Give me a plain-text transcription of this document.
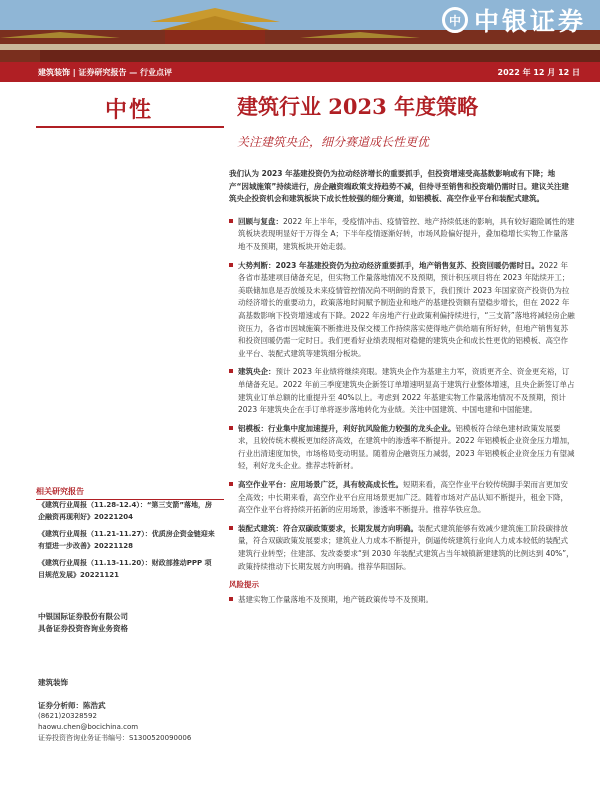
中 中银证券
建筑装饰 | 证券研究报告 — 行业点评	2022 年 12 月 12 日
中性	建筑行业 2023 年度策略
关注建筑央企，细分赛道成长性更优
我们认为 2023 年基建投资仍为拉动经济增长的重要抓手，但投资增速受高基数影响或有下降；地产“因城施策”持续进行，房企融资端政策支持趋势不减，但待寻至销售和投资端仍需时日。建议关注建筑央企投资机会和建筑板块下成长性较强的细分赛道，如铝模板、高空作业平台和装配式建筑。
回顾与复盘：2022 年上半年，受疫情冲击、疫情管控、地产持续低迷的影响，具有较好避险属性的建筑板块表现明显好于万得全 A；下半年疫情逐渐好转，市场风险偏好提升，叠加稳增长实物工作量落地不及预期，建筑板块开始走弱。
大势判断：2023 年基建投资仍为拉动经济重要抓手，地产销售复苏、投资回暖仍需时日。2022 年各省市基建项目储备充足，但实物工作量落地情况不及预期，预计积压项目将在 2023 年陆续开工；美联储加息是否放缓及未来疫情管控情况尚不明朗的背景下，我们预计 2023 年国家资产投资仍为拉动经济增长的重要动力，政策落地时间赋予制造业和地产的基建投资额有望稳步增长，但在 2022 年高基数影响下投资增速或有下降。2022 年房地产行业政策利偏持续进行，“三支箭”落地将减轻房企融资压力，各省市因城施策不断推进及保交楼工作持续落实使得地产供给端有所好转，但地产销售复苏和投资回暖仍需一定时日。我们更看好业绩表现相对稳健的建筑央企和成长性更优的铝模板、高空作业平台、装配式建筑等建筑细分板块。
建筑央企：预计 2023 年业绩将继续亮眼。建筑央企作为基建主力军，资质更齐全、资金更充裕，订单储备充足。2022 年前三季度建筑央企新签订单增速明显高于建筑行业整体增速，且央企新签订单占建筑业订单总额的比重提升至 40%以上。考虑到 2022 年基建实物工作量落地情况不及预期，预计 2023 年建筑央企在手订单将逐步落地转化为业绩。关注中国建筑、中国电建和中国能建。
铝模板：行业集中度加速提升，利好抗风险能力较强的龙头企业。铝模板符合绿色建材政策发展要求，且较传统木模板更加经济高效，在建筑中的渗透率不断提升。2022 年铝模板企业资金压力增加，行业出清速度加快，市场格局变动明显。随着房企融资压力减弱，2023 年铝模板企业资金压力有望减轻，利好龙头企业。推荐志特新材。
高空作业平台：应用场景广泛，具有较高成长性。短期来看，高空作业平台较传统脚手架而言更加安全高效；中长期来看，高空作业平台应用场景更加广泛。随着市场对产品认知不断提升，租金下降，高空作业平台将持续开拓新的应用场景，渗透率不断提升。推荐华铁应急。
装配式建筑：符合双碳政策要求，长期发展方向明确。装配式建筑能够有效减少建筑施工阶段碳排放量，符合双碳政策发展要求；建筑业人力成本不断提升，倒逼传统建筑行业向人力成本较低的装配式建筑行业转型；住建部、发改委要求“到 2030 年装配式建筑占当年城镇新建建筑的比例达到 40%”，政策持续推动下长期发展方向明确。推荐华阳国际。
风险提示
基建实物工作量落地不及预期，地产链政策传导不及预期。
相关研究报告
《建筑行业周报（11.28-12.4）：“第三支箭”落地，房企融资再现利好》20221204
《建筑行业周报（11.21-11.27）：优质房企资金链迎来有望进一步改善》20221128
《建筑行业周报（11.13-11.20）：财政部推动PPP 项目规范发展》20221121
中银国际证券股份有限公司
具备证券投资咨询业务资格
建筑装饰
证券分析师：陈浩武
(8621)20328592
haowu.chen@bocichina.com
证券投资咨询业务证书编号：S1300520090006
